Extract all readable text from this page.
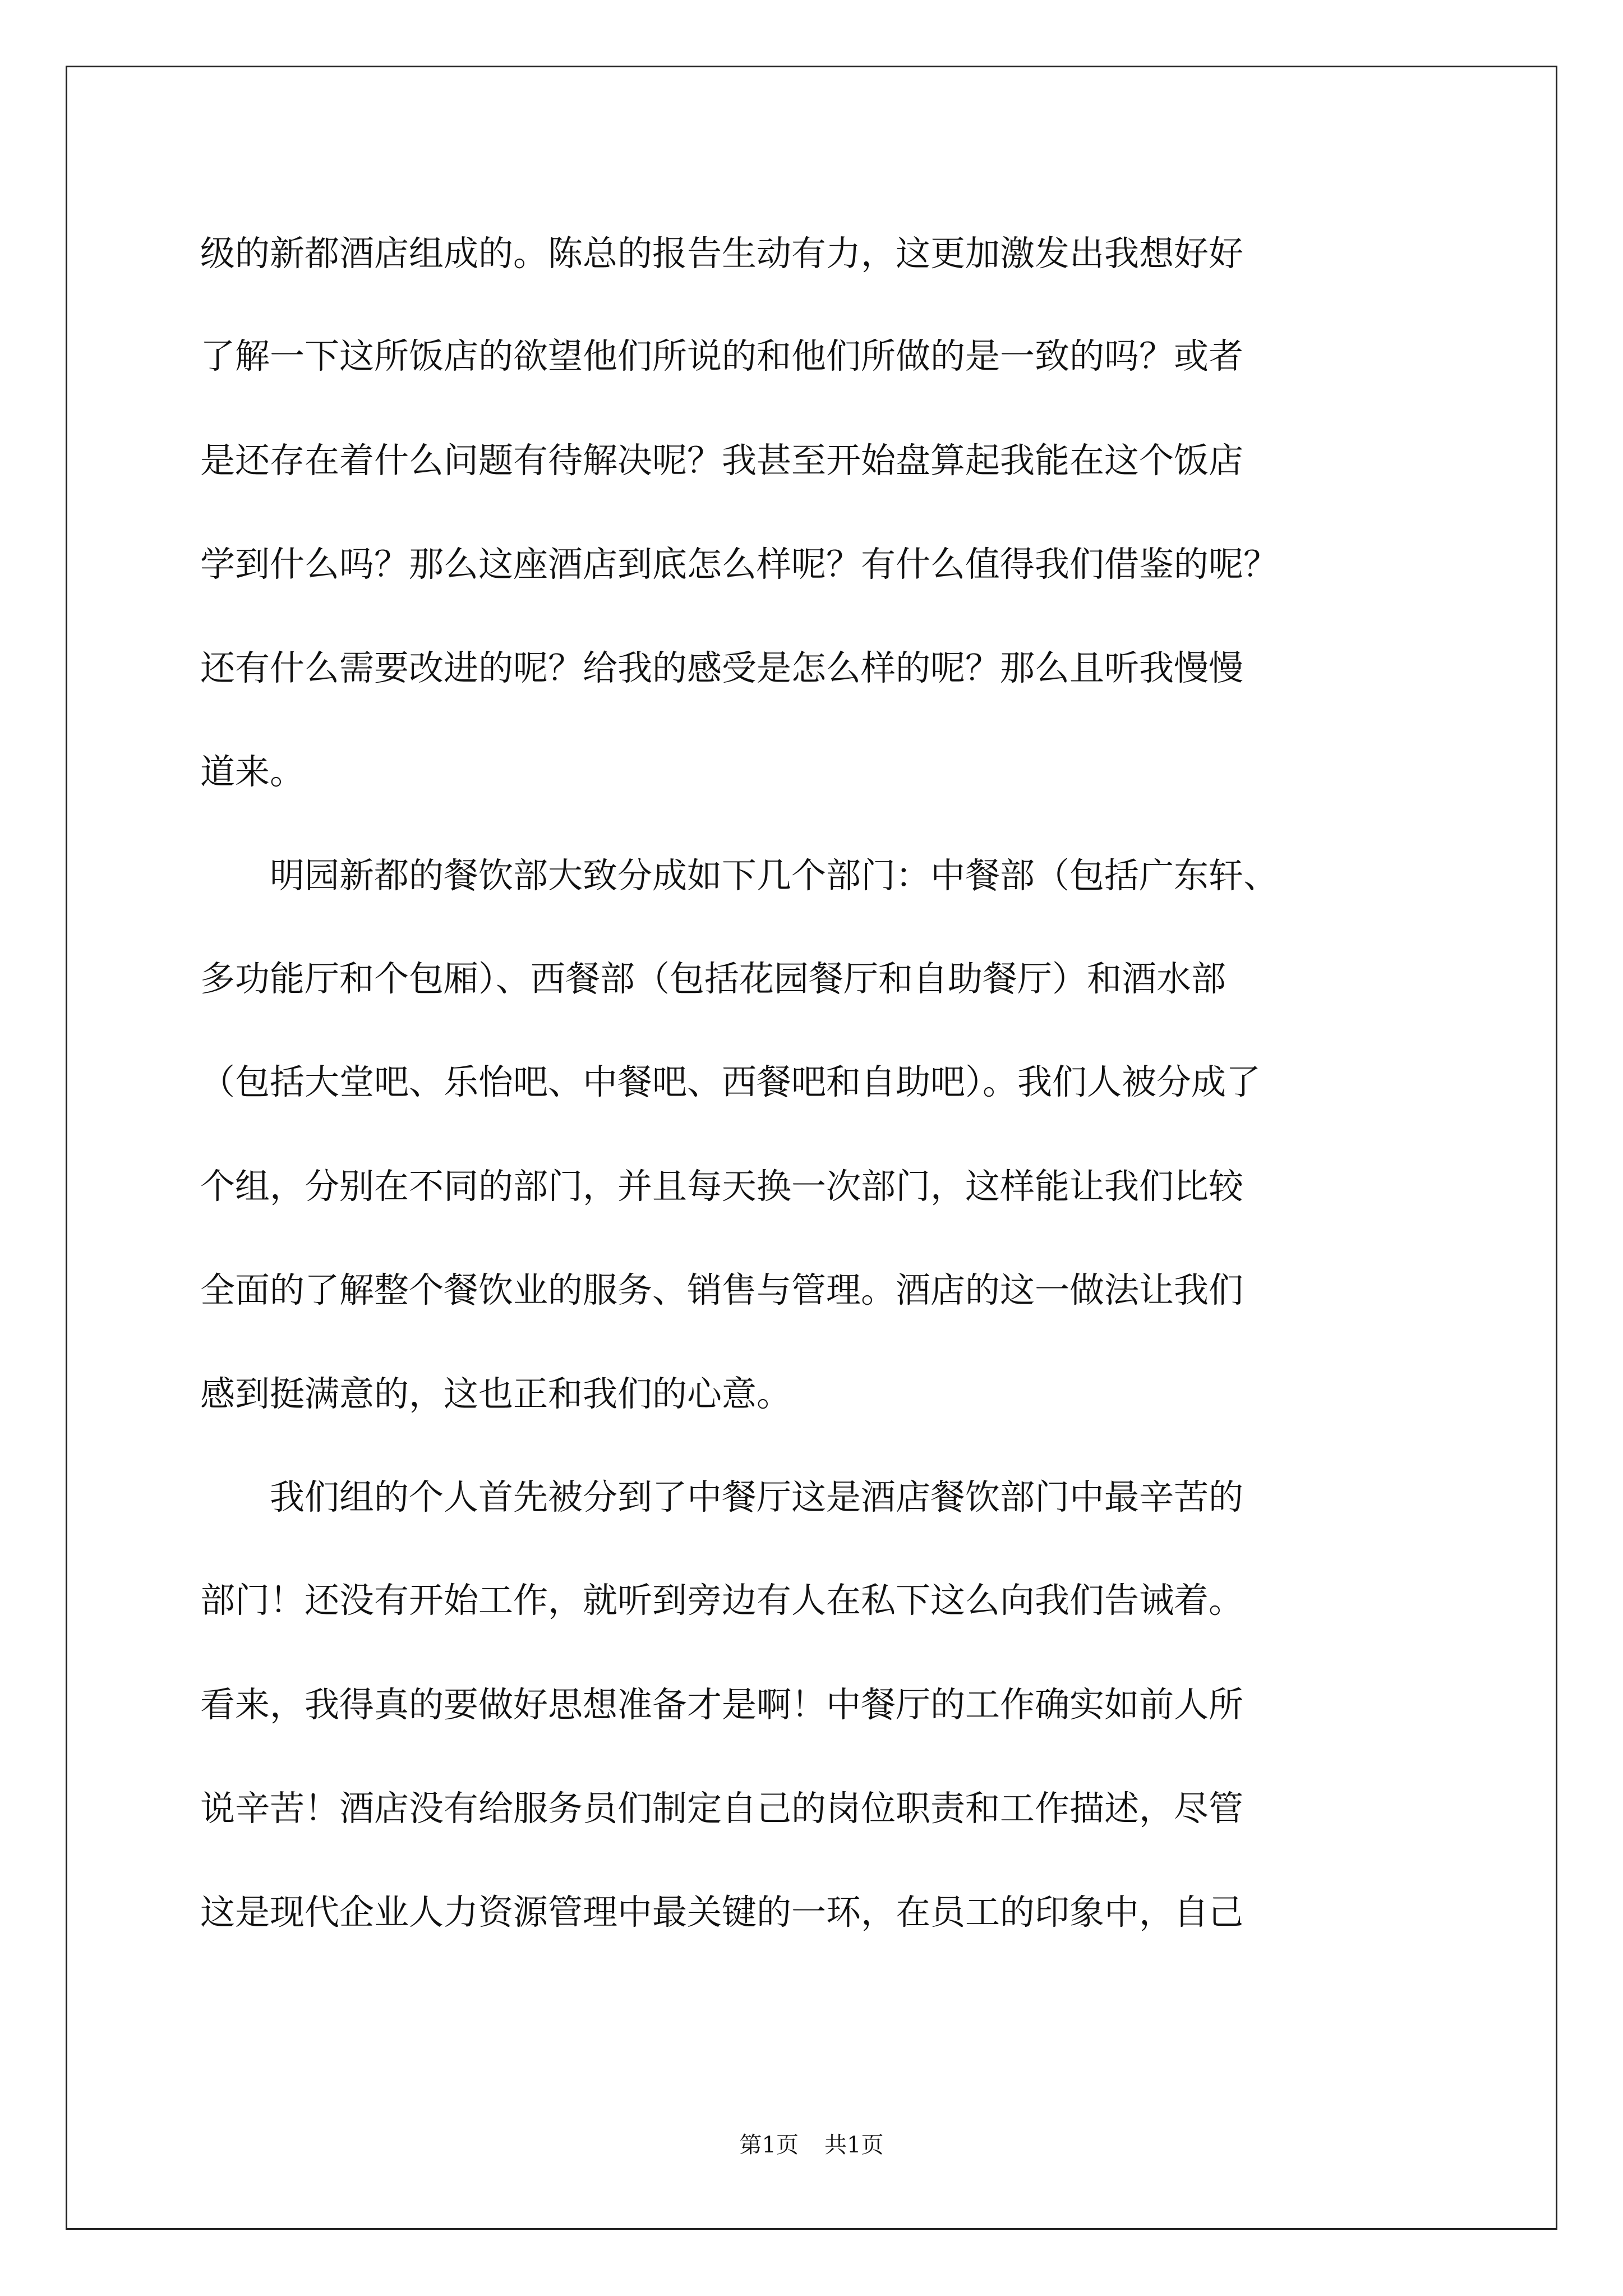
级的新都酒店组成的。陈总的报告生动有力，这更加激发出我想好好
了解一下这所饭店的欲望他们所说的和他们所做的是一致的吗？或者
是还存在着什么问题有待解决呢？我甚至开始盘算起我能在这个饭店
学到什么吗？那么这座酒店到底怎么样呢？有什么值得我们借鉴的呢？
还有什么需要改进的呢？给我的感受是怎么样的呢？那么且听我慢慢
道来。
　　明园新都的餐饮部大致分成如下几个部门：中餐部（包括广东轩、
多功能厅和个包厢）、西餐部（包括花园餐厅和自助餐厅）和酒水部
（包括大堂吧、乐怡吧、中餐吧、西餐吧和自助吧）。我们人被分成了
个组，分别在不同的部门，并且每天换一次部门，这样能让我们比较
全面的了解整个餐饮业的服务、销售与管理。酒店的这一做法让我们
感到挺满意的，这也正和我们的心意。
　　我们组的个人首先被分到了中餐厅这是酒店餐饮部门中最辛苦的
部门！还没有开始工作，就听到旁边有人在私下这么向我们告诫着。
看来，我得真的要做好思想准备才是啊！中餐厅的工作确实如前人所
说辛苦！酒店没有给服务员们制定自己的岗位职责和工作描述，尽管
这是现代企业人力资源管理中最关键的一环，在员工的印象中，自己
第1页 共1页
